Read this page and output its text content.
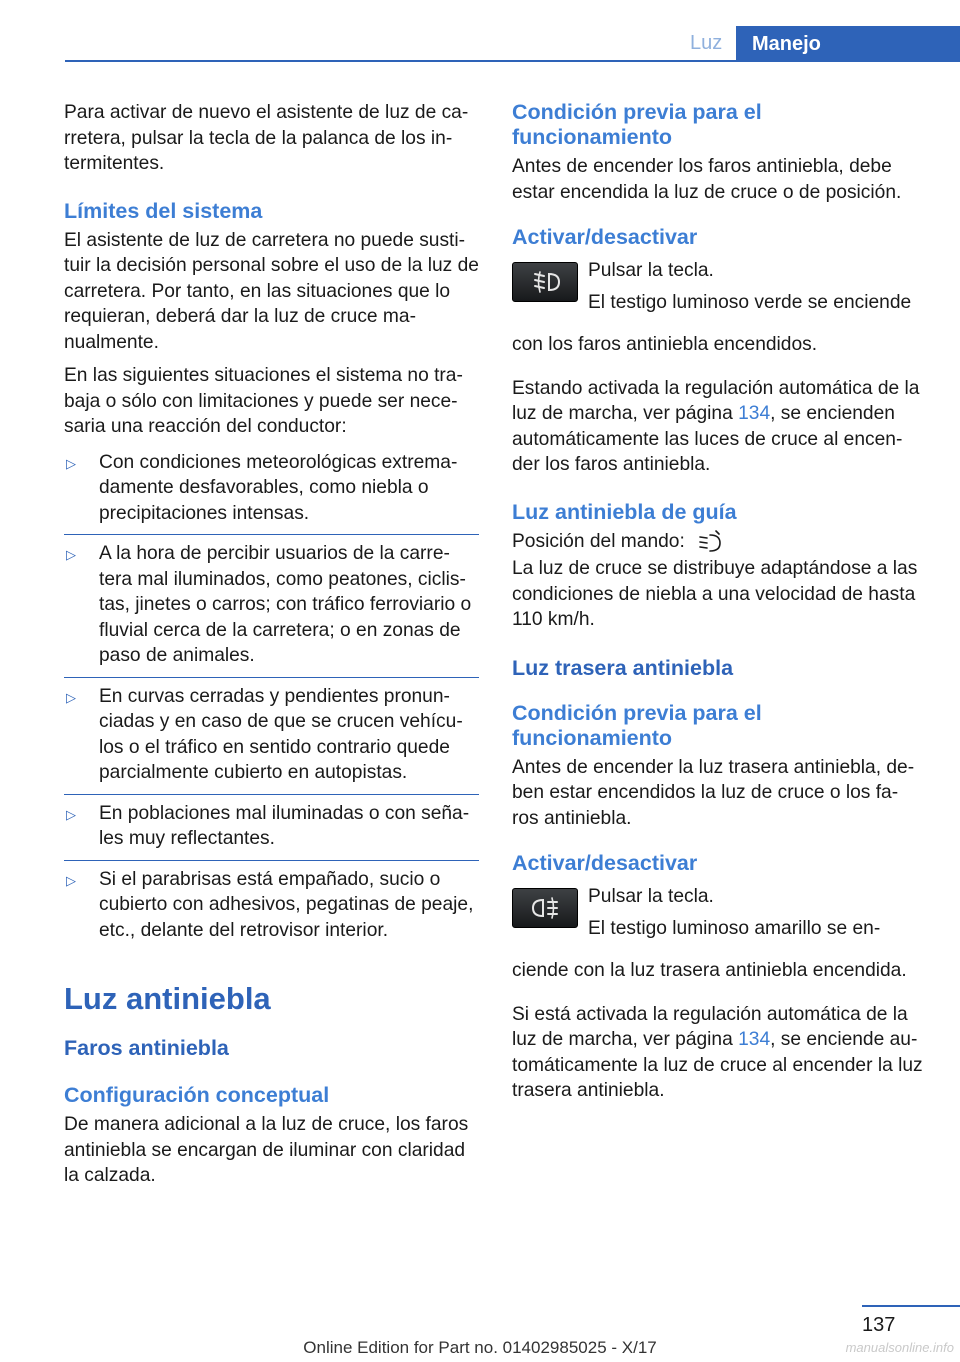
Luz	Manejo

Para activar de nuevo el asistente de luz de ca- rretera, pulsar la tecla de la palanca de los in- termitentes.

Límites del sistema

El asistente de luz de carretera no puede susti- tuir la decisión personal sobre el uso de la luz de carretera. Por tanto, en las situaciones que lo requieran, deberá dar la luz de cruce ma- nualmente.

En las siguientes situaciones el sistema no tra- baja o sólo con limitaciones y puede ser nece- saria una reacción del conductor:

▷ Con condiciones meteorológicas extrema- damente desfavorables, como niebla o precipitaciones intensas.
▷ A la hora de percibir usuarios de la carre- tera mal iluminados, como peatones, ciclis- tas, jinetes o carros; con tráfico ferroviario o fluvial cerca de la carretera; o en zonas de paso de animales.
▷ En curvas cerradas y pendientes pronun- ciadas y en caso de que se crucen vehícu- los o el tráfico en sentido contrario quede parcialmente cubierto en autopistas.
▷ En poblaciones mal iluminadas o con seña- les muy reflectantes.
▷ Si el parabrisas está empañado, sucio o cubierto con adhesivos, pegatinas de peaje, etc., delante del retrovisor interior.
Luz antiniebla
Faros antiniebla
Configuración conceptual

De manera adicional a la luz de cruce, los faros antiniebla se encargan de iluminar con claridad la calzada.

Condición previa para el funcionamiento

Antes de encender los faros antiniebla, debe estar encendida la luz de cruce o de posición.

Activar/desactivar

Pulsar la tecla.

El testigo luminoso verde se enciende

con los faros antiniebla encendidos.

Estando activada la regulación automática de la luz de marcha, ver página 134, se encienden automáticamente las luces de cruce al encen- der los faros antiniebla.

Luz antiniebla de guía

Posición del mando:

La luz de cruce se distribuye adaptándose a las condiciones de niebla a una velocidad de hasta 110 km/h.

Luz trasera antiniebla
Condición previa para el funcionamiento

Antes de encender la luz trasera antiniebla, de- ben estar encendidos la luz de cruce o los fa- ros antiniebla.

Activar/desactivar

Pulsar la tecla.

El testigo luminoso amarillo se en-

ciende con la luz trasera antiniebla encendida.

Si está activada la regulación automática de la luz de marcha, ver página 134, se enciende au- tomáticamente la luz de cruce al encender la luz trasera antiniebla.

137
Online Edition for Part no. 01402985025 - X/17	manualsonline.info
